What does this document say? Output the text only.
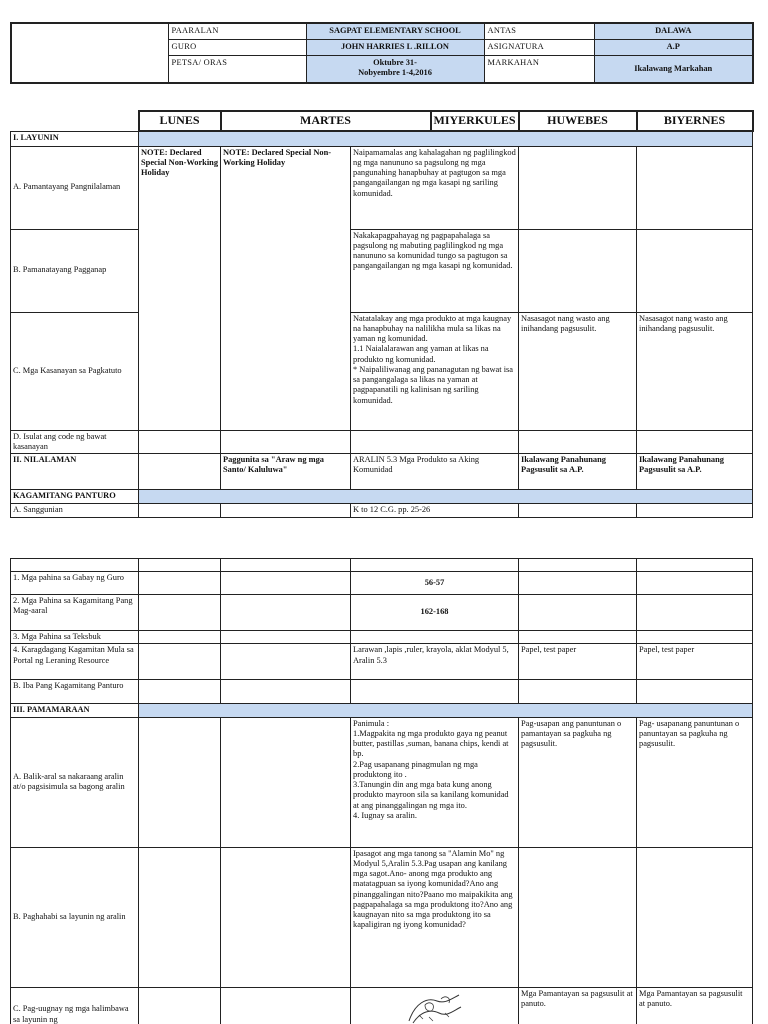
	PAARALAN	SAGPAT ELEMENTARY SCHOOL	ANTAS	DALAWA
	GURO	JOHN HARRIES L .RILLON	ASIGNATURA	A.P
	PETSA/ ORAS	Oktubre 31-
Nobyembre 1-4,2016	MARKAHAN	Ikalawang Markahan
	LUNES	MARTES		MIYERKULES	HUWEBES	BIYERNES
I. LAYUNIN						
A. Pamantayang Pangnilalaman	NOTE: Declared Special Non-Working Holiday	NOTE: Declared Special Non- Working Holiday	Naipamamalas ang kahalagahan ng paglilingkod ng mga nanununo sa pagsulong ng mga pangunahing hanapbuhay at pagtugon sa mga pangangailangan ng mga kasapi ng sariling komunidad.			
B. Pamanatayang Pagganap			Nakakapagpahayag ng pagpapahalaga sa pagsulong ng mabuting paglilingkod ng mga nanununo sa komunidad tungo sa pagtugon sa pangangailangan ng mga kasapi ng komunidad.			
C. Mga Kasanayan sa Pagkatuto			Natatalakay ang mga produkto at mga kaugnay na hanapbuhay na nalilikha mula sa likas na yaman ng komunidad.
1.1 Naialalarawan ang yaman at likas na produkto ng komunidad.
* Naipaliliwanag ang pananagutan ng bawat isa sa pangangalaga sa likas na yaman at pagpapanatili ng kalinisan ng sariling komunidad.		Nasasagot nang wasto ang inihandang pagsusulit.	Nasasagot nang wasto ang inihandang pagsusulit.
D. Isulat ang code ng bawat kasanayan						
II. NILALAMAN		Paggunita sa "Araw ng mga Santo/ Kaluluwa"	ARALIN 5.3 Mga Produkto sa Aking Komunidad		Ikalawang Panahunang Pagsusulit sa A.P.	Ikalawang Panahunang Pagsusulit sa A.P.
KAGAMITANG PANTURO						
A. Sanggunian			K to 12 C.G. pp. 25-26			

1. Mga pahina sa Gabay ng Guro			56-57		
2. Mga Pahina sa Kagamitang Pang Mag-aaral			162-168		
3. Mga Pahina sa Teksbuk					
4. Karagdagang Kagamitan Mula sa Portal ng Leraning Resource			Larawan ,lapis ,ruler, krayola, aklat Modyul 5, Aralin 5.3	Papel, test paper	Papel, test paper
B. Iba Pang Kagamitang Panturo					
III. PAMAMARAAN					
A. Balik-aral sa nakaraang aralin at/o pagsisimula sa bagong aralin			Panimula :
1.Magpakita ng mga produkto gaya ng peanut butter, pastillas ,suman, banana chips, kendi at bp.
2.Pag usapanang pinagmulan ng mga produktong ito .
3.Tanungin din ang mga bata kung anong produkto mayroon sila sa kanilang komunidad at ang pinanggalingan ng mga ito.
4. Iugnay sa aralin.	Pag-usapan ang panuntunan o pamantayan sa pagkuha ng pagsusulit.	Pag- usapanang panuntunan o panuntayan sa pagkuha ng pagsusulit.
B. Paghahabi sa layunin ng aralin			Ipasagot ang mga tanong sa "Alamin Mo" ng Modyul 5,Aralin 5.3.Pag usapan ang kanilang mga sagot.Ano- anong mga produkto ang matatagpuan sa iyong komunidad?Ano ang pinanggalingan nito?Paano mo maipakikita ang pagpapahalaga sa mga produktong ito?Ano ang kaugnayan nito sa mga produktong ito sa kapaligiran ng iyong komunidad?		
C. Pag-uugnay ng mga halimbawa sa layunin ng				Mga Pamantayan sa pagsusulit at panuto.	Mga Pamantayan sa pagsusulit at panuto.
